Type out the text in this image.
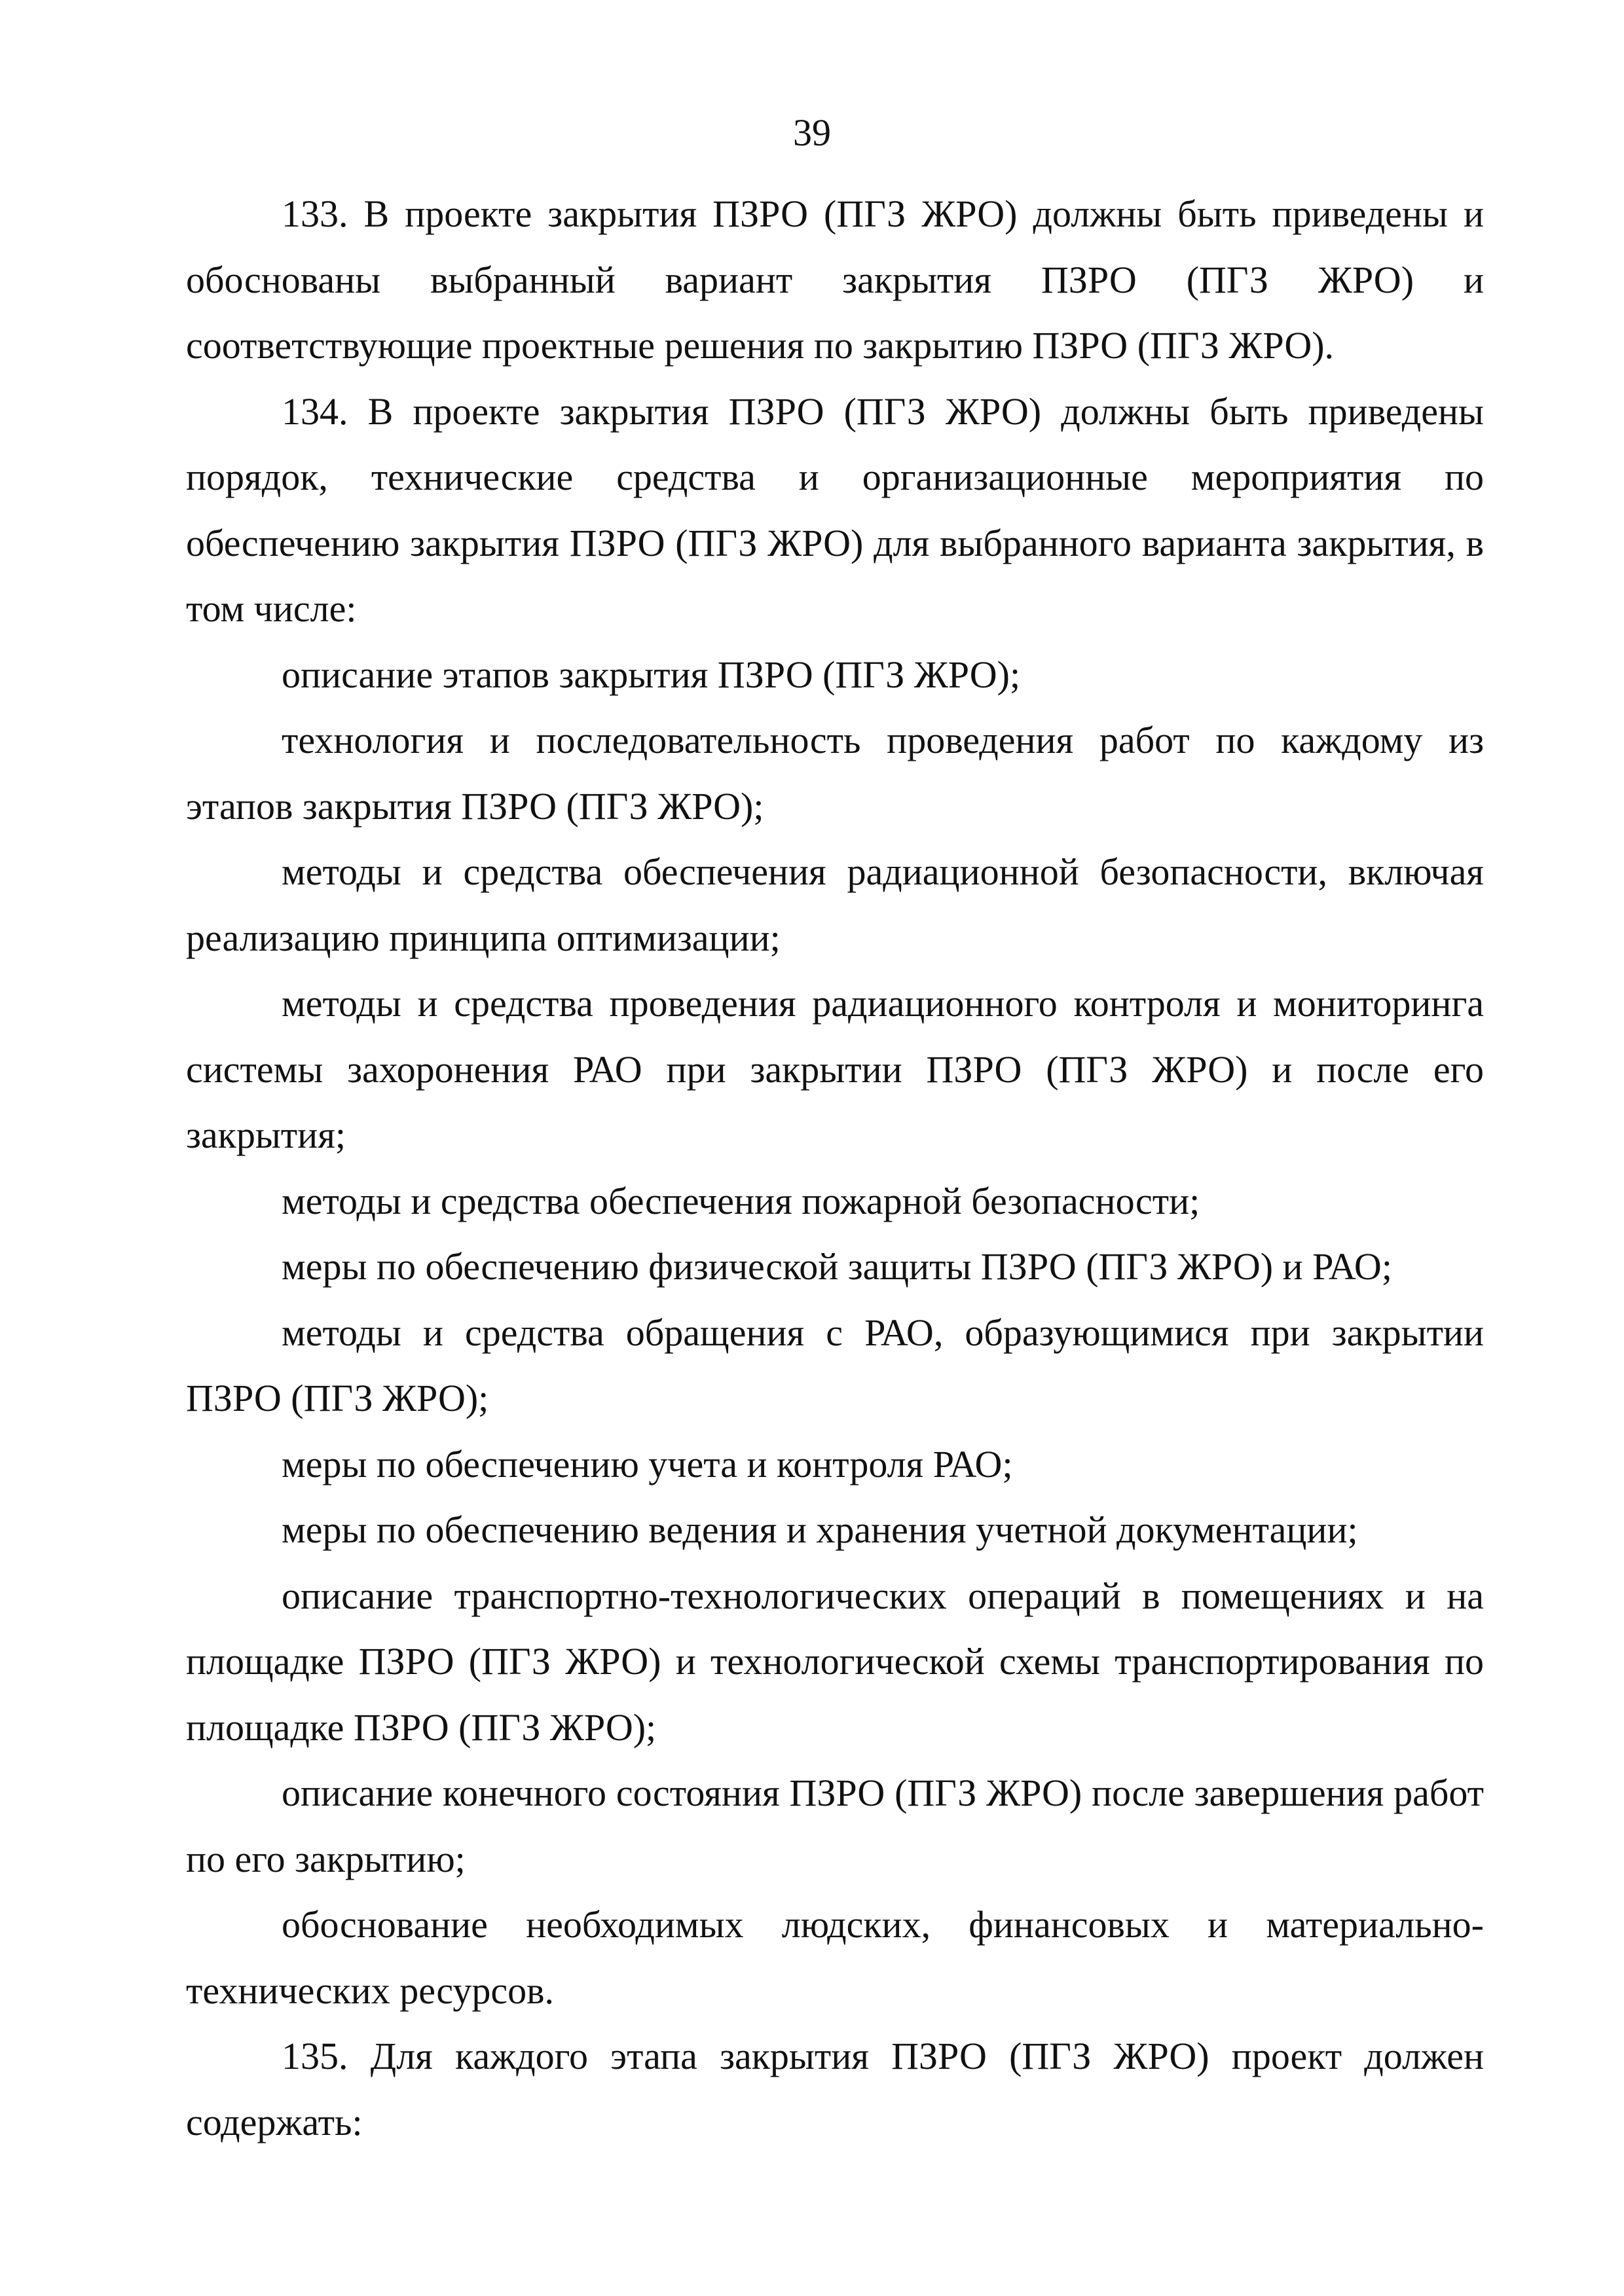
39

133. В проекте закрытия ПЗРО (ПГЗ ЖРО) должны быть приведены и обоснованы выбранный вариант закрытия ПЗРО (ПГЗ ЖРО) и соответствующие проектные решения по закрытию ПЗРО (ПГЗ ЖРО).

134. В проекте закрытия ПЗРО (ПГЗ ЖРО) должны быть приведены порядок, технические средства и организационные мероприятия по обеспечению закрытия ПЗРО (ПГЗ ЖРО) для выбранного варианта закрытия, в том числе:

описание этапов закрытия ПЗРО (ПГЗ ЖРО);

технология и последовательность проведения работ по каждому из этапов закрытия ПЗРО (ПГЗ ЖРО);

методы и средства обеспечения радиационной безопасности, включая реализацию принципа оптимизации;

методы и средства проведения радиационного контроля и мониторинга системы захоронения РАО при закрытии ПЗРО (ПГЗ ЖРО) и после его закрытия;

методы и средства обеспечения пожарной безопасности;

меры по обеспечению физической защиты ПЗРО (ПГЗ ЖРО) и РАО;

методы и средства обращения с РАО, образующимися при закрытии ПЗРО (ПГЗ ЖРО);

меры по обеспечению учета и контроля РАО;

меры по обеспечению ведения и хранения учетной документации;

описание транспортно-технологических операций в помещениях и на площадке ПЗРО (ПГЗ ЖРО) и технологической схемы транспортирования по площадке ПЗРО (ПГЗ ЖРО);

описание конечного состояния ПЗРО (ПГЗ ЖРО) после завершения работ по его закрытию;

обоснование необходимых людских, финансовых и материально-технических ресурсов.

135. Для каждого этапа закрытия ПЗРО (ПГЗ ЖРО) проект должен содержать:
